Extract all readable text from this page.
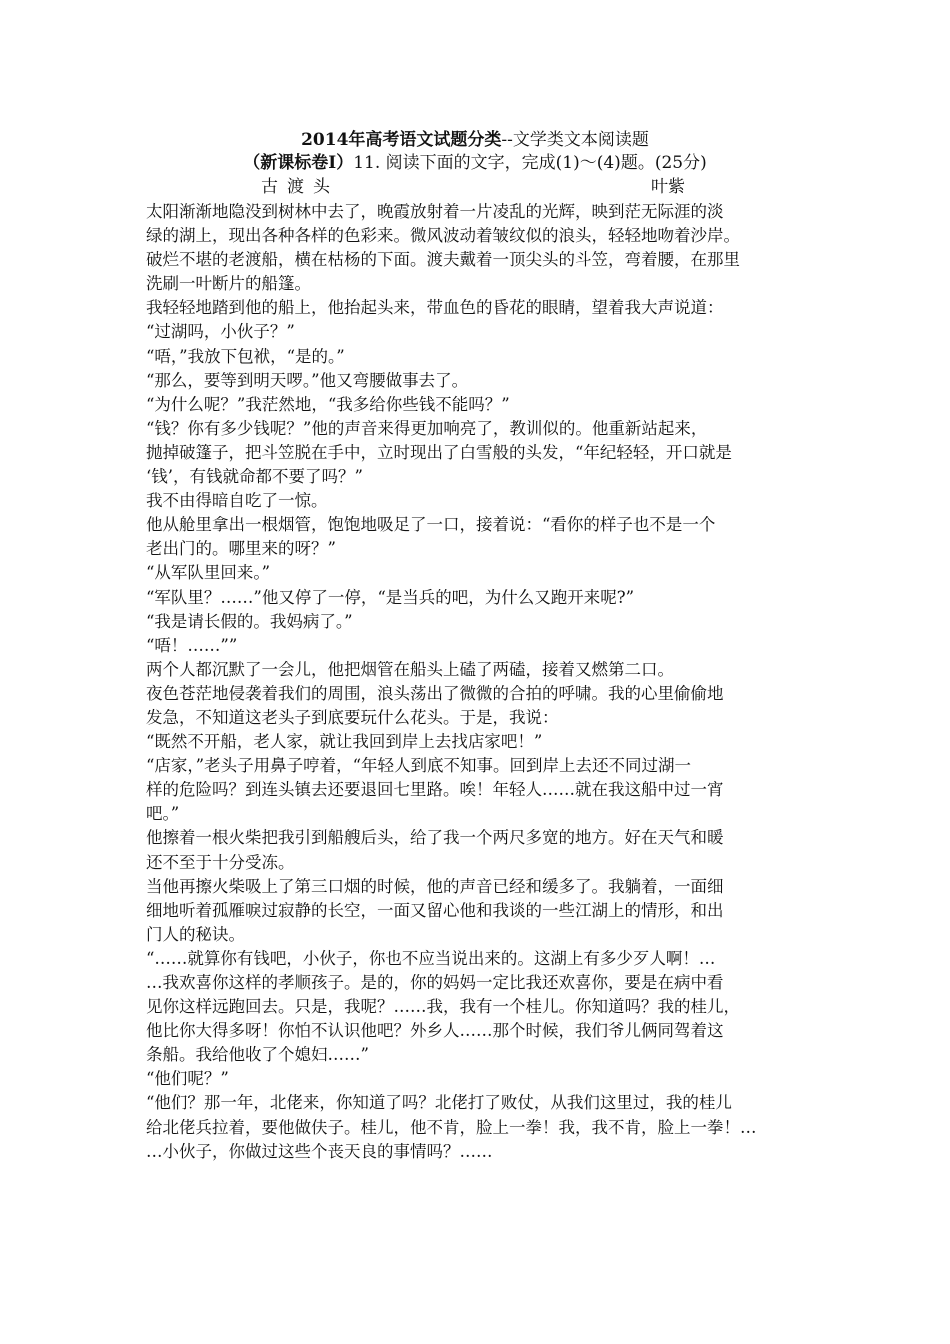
2014年高考语文试题分类--文学类文本阅读题
（新课标卷Ⅰ）11. 阅读下面的文字，完成(1)～(4)题。(25分)
古渡头	叶紫
太阳渐渐地隐没到树林中去了，晚霞放射着一片凌乱的光辉，映到茫无际涯的淡
绿的湖上，现出各种各样的色彩来。微风波动着皱纹似的浪头，轻轻地吻着沙岸。
破烂不堪的老渡船，横在枯杨的下面。渡夫戴着一顶尖头的斗笠，弯着腰，在那里
洗刷一叶断片的船篷。
我轻轻地踏到他的船上，他抬起头来，带血色的昏花的眼睛，望着我大声说道：
“过湖吗，小伙子？”
“唔，”我放下包袱，“是的。”
“那么，要等到明天啰。”他又弯腰做事去了。
“为什么呢？”我茫然地，“我多给你些钱不能吗？”
“钱？你有多少钱呢？”他的声音来得更加响亮了，教训似的。他重新站起来，
抛掉破篷子，把斗笠脱在手中，立时现出了白雪般的头发，“年纪轻轻，开口就是
‘钱’，有钱就命都不要了吗？”
我不由得暗自吃了一惊。
他从舱里拿出一根烟管，饱饱地吸足了一口，接着说：“看你的样子也不是一个
老出门的。哪里来的呀？”
“从军队里回来。”
“军队里？……”他又停了一停，“是当兵的吧，为什么又跑开来呢?”
“我是请长假的。我妈病了。”
“唔！……””
两个人都沉默了一会儿，他把烟管在船头上磕了两磕，接着又燃第二口。
夜色苍茫地侵袭着我们的周围，浪头荡出了微微的合拍的呼啸。我的心里偷偷地
发急，不知道这老头子到底要玩什么花头。于是，我说：
“既然不开船，老人家，就让我回到岸上去找店家吧！”
“店家，”老头子用鼻子哼着，“年轻人到底不知事。回到岸上去还不同过湖一
样的危险吗？到连头镇去还要退回七里路。唉！年轻人……就在我这船中过一宵
吧。”
他擦着一根火柴把我引到船艘后头，给了我一个两尺多宽的地方。好在天气和暖
还不至于十分受冻。
当他再擦火柴吸上了第三口烟的时候，他的声音已经和缓多了。我躺着，一面细
细地听着孤雁唳过寂静的长空，一面又留心他和我谈的一些江湖上的情形，和出
门人的秘诀。
“……就算你有钱吧，小伙子，你也不应当说出来的。这湖上有多少歹人啊！…
…我欢喜你这样的孝顺孩子。是的，你的妈妈一定比我还欢喜你，要是在病中看
见你这样远跑回去。只是，我呢？……我，我有一个桂儿。你知道吗？我的桂儿，
他比你大得多呀！你怕不认识他吧？外乡人……那个时候，我们爷儿俩同驾着这
条船。我给他收了个媳妇……”
“他们呢？”
“他们？那一年，北佬来，你知道了吗？北佬打了败仗，从我们这里过，我的桂儿
给北佬兵拉着，要他做伕子。桂儿，他不肯，脸上一拳！我，我不肯，脸上一拳！…
…小伙子，你做过这些个丧天良的事情吗？……
